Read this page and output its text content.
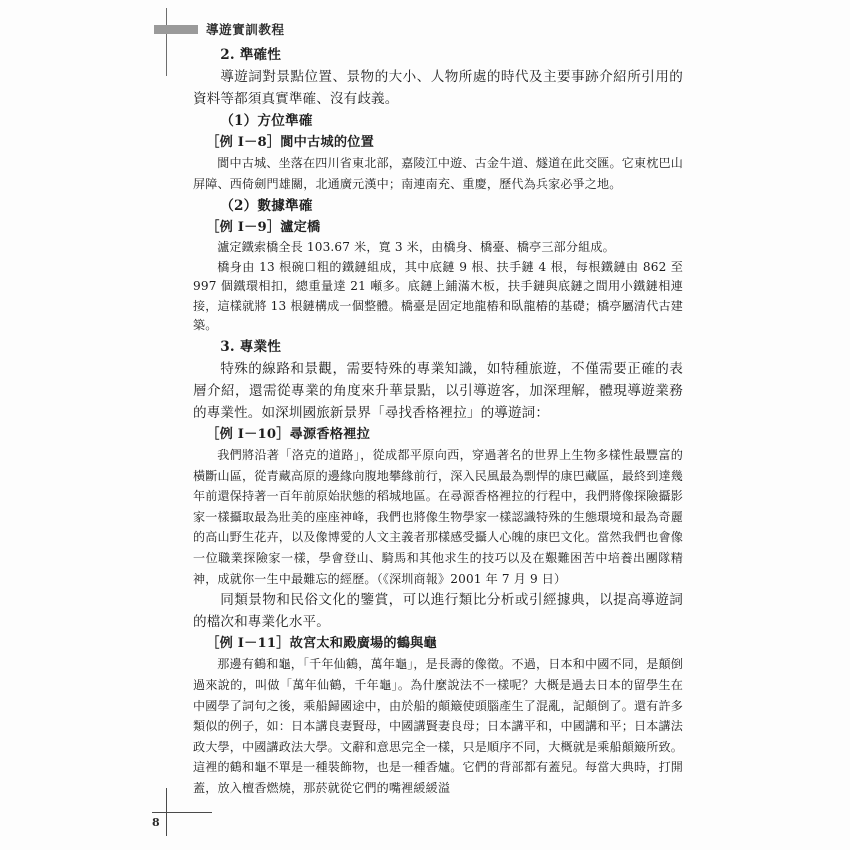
導遊實訓教程
2. 準確性

導遊詞對景點位置、景物的大小、人物所處的時代及主要事跡介紹所引用的資料等都須真實準確、沒有歧義。

（1）方位準確
［例 I－8］閬中古城的位置

閬中古城、坐落在四川省東北部，嘉陵江中遊、古金牛道、燧道在此交匯。它東枕巴山屏障、西倚劍門雄關，北通廣元漢中；南連南充、重慶，歷代為兵家必爭之地。

（2）數據準確
［例 I－9］瀘定橋

瀘定鐵索橋全長 103.67 米，寬 3 米，由橋身、橋臺、橋亭三部分組成。

橋身由 13 根碗口粗的鐵鏈組成，其中底鏈 9 根、扶手鏈 4 根，每根鐵鏈由 862 至 997 個鐵環相扣，總重量達 21 噸多。底鏈上鋪滿木板，扶手鏈與底鏈之間用小鐵鏈相連接，這樣就將 13 根鏈構成一個整體。橋臺是固定地龍樁和臥龍樁的基礎；橋亭屬清代古建築。

3. 專業性

特殊的線路和景觀，需要特殊的專業知識，如特種旅遊，不僅需要正確的表層介紹，還需從專業的角度來升華景點，以引導遊客，加深理解，體現導遊業務的專業性。如深圳國旅新景界「尋找香格裡拉」的導遊詞：

［例 I－10］尋源香格裡拉

我們將沿著「洛克的道路」，從成都平原向西，穿過著名的世界上生物多樣性最豐富的橫斷山區，從青藏高原的邊緣向腹地攀緣前行，深入民風最為剽悍的康巴藏區，最終到達幾年前還保持著一百年前原始狀態的稻城地區。在尋源香格裡拉的行程中，我們將像探險攝影家一樣攝取最為壯美的座座神峰，我們也將像生物學家一樣認識特殊的生態環境和最為奇麗的高山野生花卉，以及像博愛的人文主義者那樣感受攝人心魄的康巴文化。當然我們也會像一位職業探險家一樣，學會登山、騎馬和其他求生的技巧以及在艱難困苦中培養出團隊精神，成就你一生中最難忘的經歷。（《深圳商報》2001 年 7 月 9 日）

同類景物和民俗文化的鑒賞，可以進行類比分析或引經據典，以提高導遊詞的檔次和專業化水平。

［例 I－11］故宮太和殿廣場的鶴與龜

那邊有鶴和龜，「千年仙鶴，萬年龜」，是長壽的像徵。不過，日本和中國不同，是顛倒過來說的，叫做「萬年仙鶴，千年龜」。為什麼說法不一樣呢？大概是過去日本的留學生在中國學了詞句之後，乘船歸國途中，由於船的顛簸使頭腦產生了混亂，記顛倒了。還有許多類似的例子，如：日本講良妻賢母，中國講賢妻良母；日本講平和，中國講和平；日本講法政大學，中國講政法大學。文辭和意思完全一樣，只是順序不同，大概就是乘船顛簸所致。這裡的鶴和龜不單是一種裝飾物，也是一種香爐。它們的背部都有蓋兒。每當大典時，打開蓋，放入檀香燃燒，那菸就從它們的嘴裡緩緩溢

8
